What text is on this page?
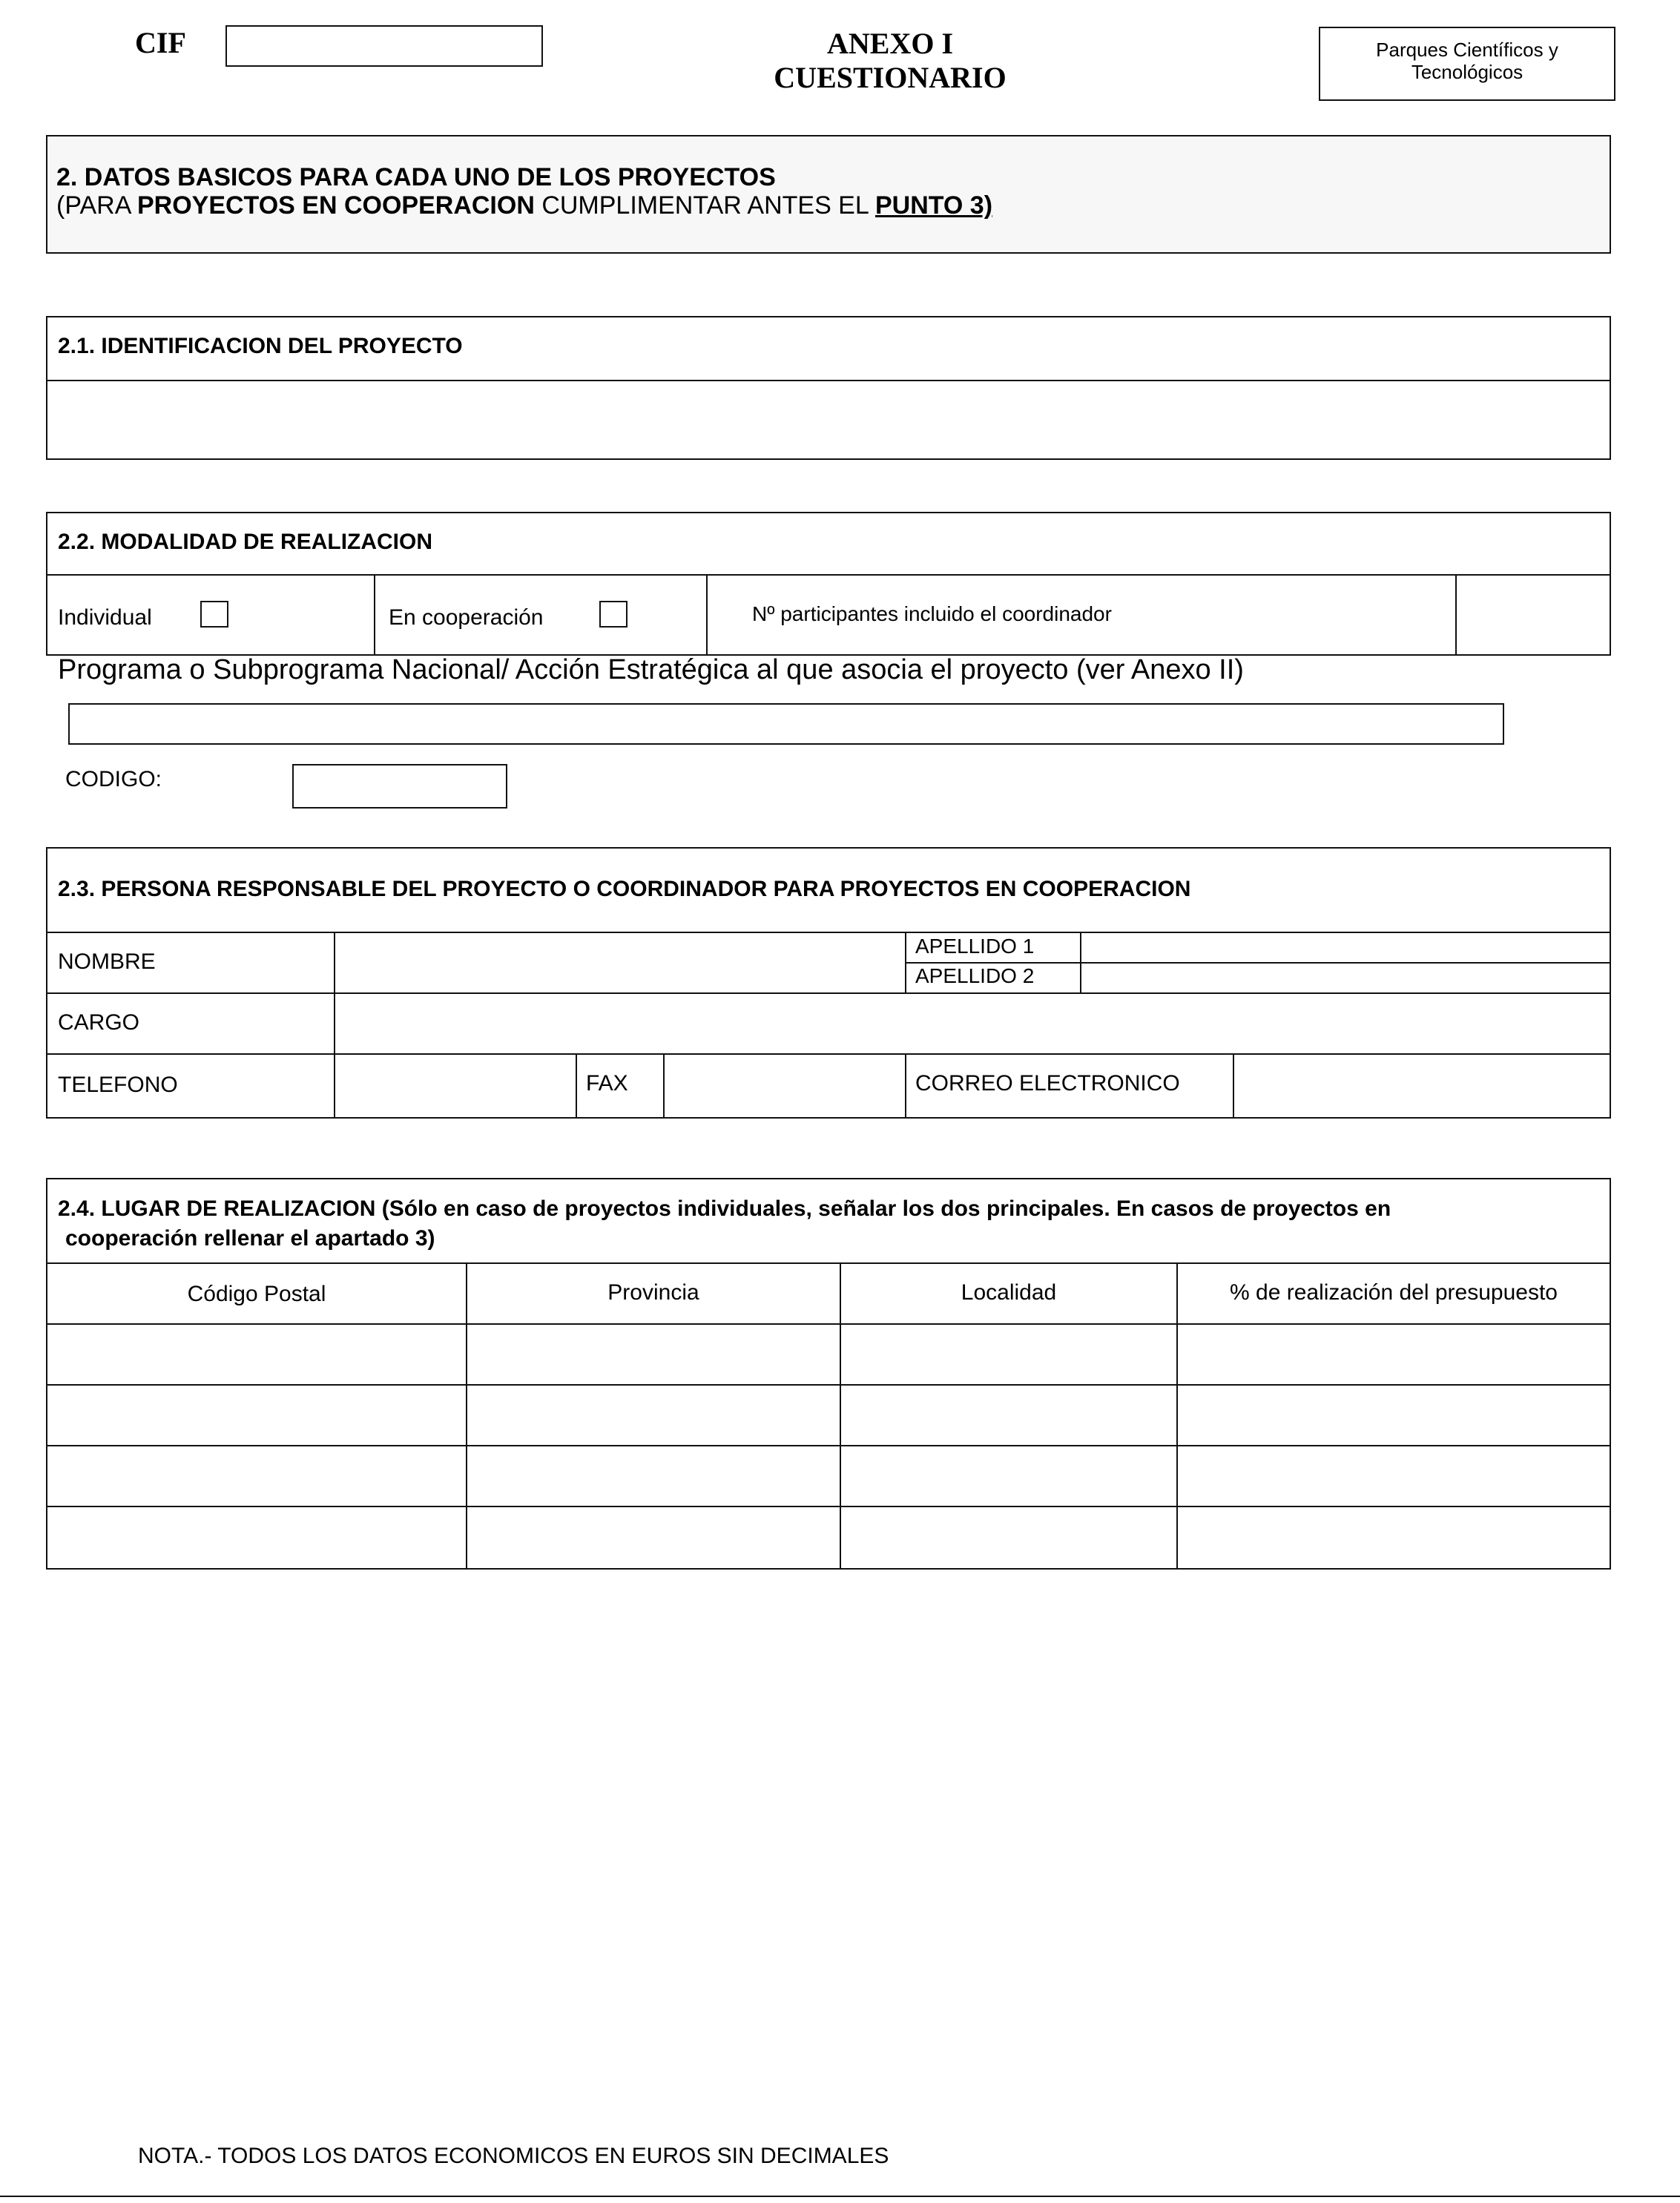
CIF	ANEXO I
CUESTIONARIO
Parques Científicos y
Tecnológicos
2. DATOS BASICOS PARA CADA UNO DE LOS PROYECTOS
(PARA PROYECTOS EN COOPERACION CUMPLIMENTAR ANTES EL PUNTO 3)
2.1. IDENTIFICACION DEL PROYECTO
2.2. MODALIDAD DE REALIZACION
Individual	En cooperación	Nº participantes incluido el coordinador
Programa o Subprograma Nacional/ Acción Estratégica al que asocia el proyecto (ver Anexo II)
CODIGO:
2.3. PERSONA RESPONSABLE DEL PROYECTO O COORDINADOR PARA PROYECTOS EN COOPERACION
NOMBRE
APELLIDO 1
APELLIDO 2
CARGO
TELEFONO	FAX	CORREO ELECTRONICO
2.4. LUGAR DE REALIZACION (Sólo en caso de proyectos individuales, señalar los dos principales. En casos de proyectos en
cooperación rellenar el apartado 3)
Código Postal	Provincia	Localidad	% de realización del presupuesto
NOTA.- TODOS LOS DATOS ECONOMICOS EN EUROS SIN DECIMALES
